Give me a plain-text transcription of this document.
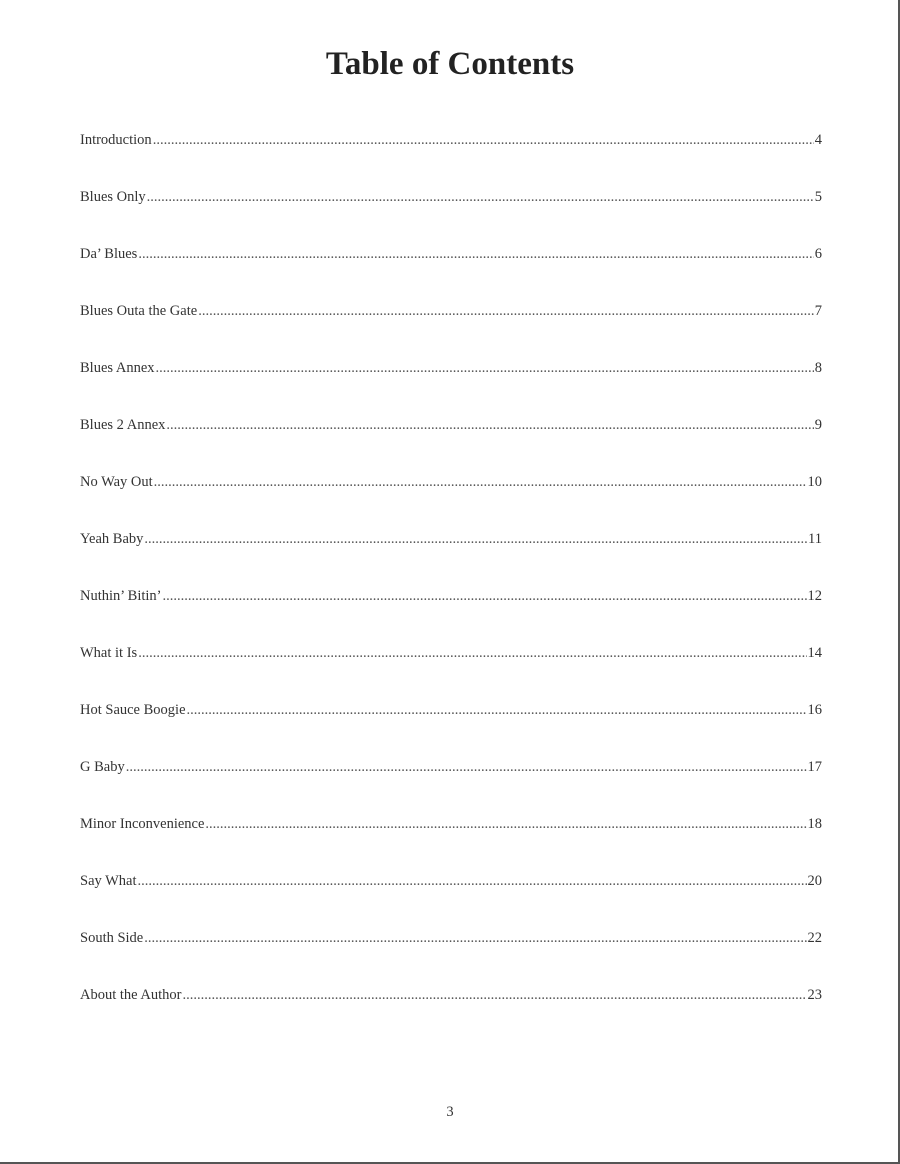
Table of Contents
Introduction .....	4
Blues Only .....	5
Da’ Blues .....	6
Blues Outa the Gate .....	7
Blues Annex .....	8
Blues 2 Annex .....	9
No Way Out .....	10
Yeah Baby .....	11
Nuthin’ Bitin’ .....	12
What it Is .....	14
Hot Sauce Boogie .....	16
G Baby .....	17
Minor Inconvenience .....	18
Say What .....	20
South Side .....	22
About the Author .....	23
3
